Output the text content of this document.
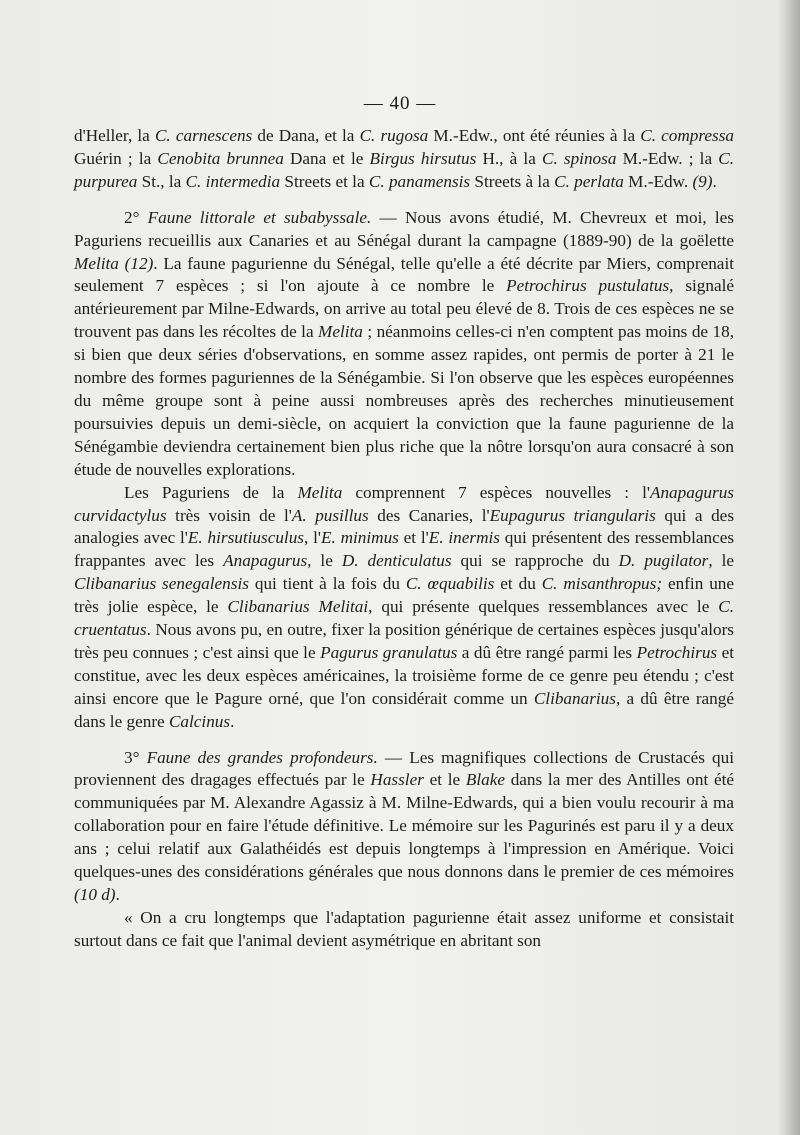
— 40 —

d'Heller, la C. carnescens de Dana, et la C. rugosa M.-Edw., ont été réunies à la C. compressa Guérin ; la Cenobita brunnea Dana et le Birgus hirsutus H., à la C. spinosa M.-Edw. ; la C. purpurea St., la C. intermedia Streets et la C. panamensis Streets à la C. perlata M.-Edw. (9).

2° Faune littorale et subabyssale. — Nous avons étudié, M. Chevreux et moi, les Paguriens recueillis aux Canaries et au Sénégal durant la campagne (1889-90) de la goëlette Melita (12). La faune pagurienne du Sénégal, telle qu'elle a été décrite par Miers, comprenait seulement 7 espèces ; si l'on ajoute à ce nombre le Petrochirus pustulatus, signalé antérieurement par Milne-Edwards, on arrive au total peu élevé de 8. Trois de ces espèces ne se trouvent pas dans les récoltes de la Melita ; néanmoins celles-ci n'en comptent pas moins de 18, si bien que deux séries d'observations, en somme assez rapides, ont permis de porter à 21 le nombre des formes paguriennes de la Sénégambie. Si l'on observe que les espèces européennes du même groupe sont à peine aussi nombreuses après des recherches minutieusement poursuivies depuis un demi-siècle, on acquiert la conviction que la faune pagurienne de la Sénégambie deviendra certainement bien plus riche que la nôtre lorsqu'on aura consacré à son étude de nouvelles explorations.

Les Paguriens de la Melita comprennent 7 espèces nouvelles : l'Anapagurus curvidactylus très voisin de l'A. pusillus des Canaries, l'Eupagurus triangularis qui a des analogies avec l'E. hirsutiusculus, l'E. minimus et l'E. inermis qui présentent des ressemblances frappantes avec les Anapagurus, le D. denticulatus qui se rapproche du D. pugilator, le Clibanarius senegalensis qui tient à la fois du C. œquabilis et du C. misanthropus; enfin une très jolie espèce, le Clibanarius Melitai, qui présente quelques ressemblances avec le C. cruentatus. Nous avons pu, en outre, fixer la position générique de certaines espèces jusqu'alors très peu connues ; c'est ainsi que le Pagurus granulatus a dû être rangé parmi les Petrochirus et constitue, avec les deux espèces américaines, la troisième forme de ce genre peu étendu ; c'est ainsi encore que le Pagure orné, que l'on considérait comme un Clibanarius, a dû être rangé dans le genre Calcinus.

3° Faune des grandes profondeurs. — Les magnifiques collections de Crustacés qui proviennent des dragages effectués par le Hassler et le Blake dans la mer des Antilles ont été communiquées par M. Alexandre Agassiz à M. Milne-Edwards, qui a bien voulu recourir à ma collaboration pour en faire l'étude définitive. Le mémoire sur les Pagurinés est paru il y a deux ans ; celui relatif aux Galathéidés est depuis longtemps à l'impression en Amérique. Voici quelques-unes des considérations générales que nous donnons dans le premier de ces mémoires (10 d).

« On a cru longtemps que l'adaptation pagurienne était assez uniforme et consistait surtout dans ce fait que l'animal devient asymétrique en abritant son
